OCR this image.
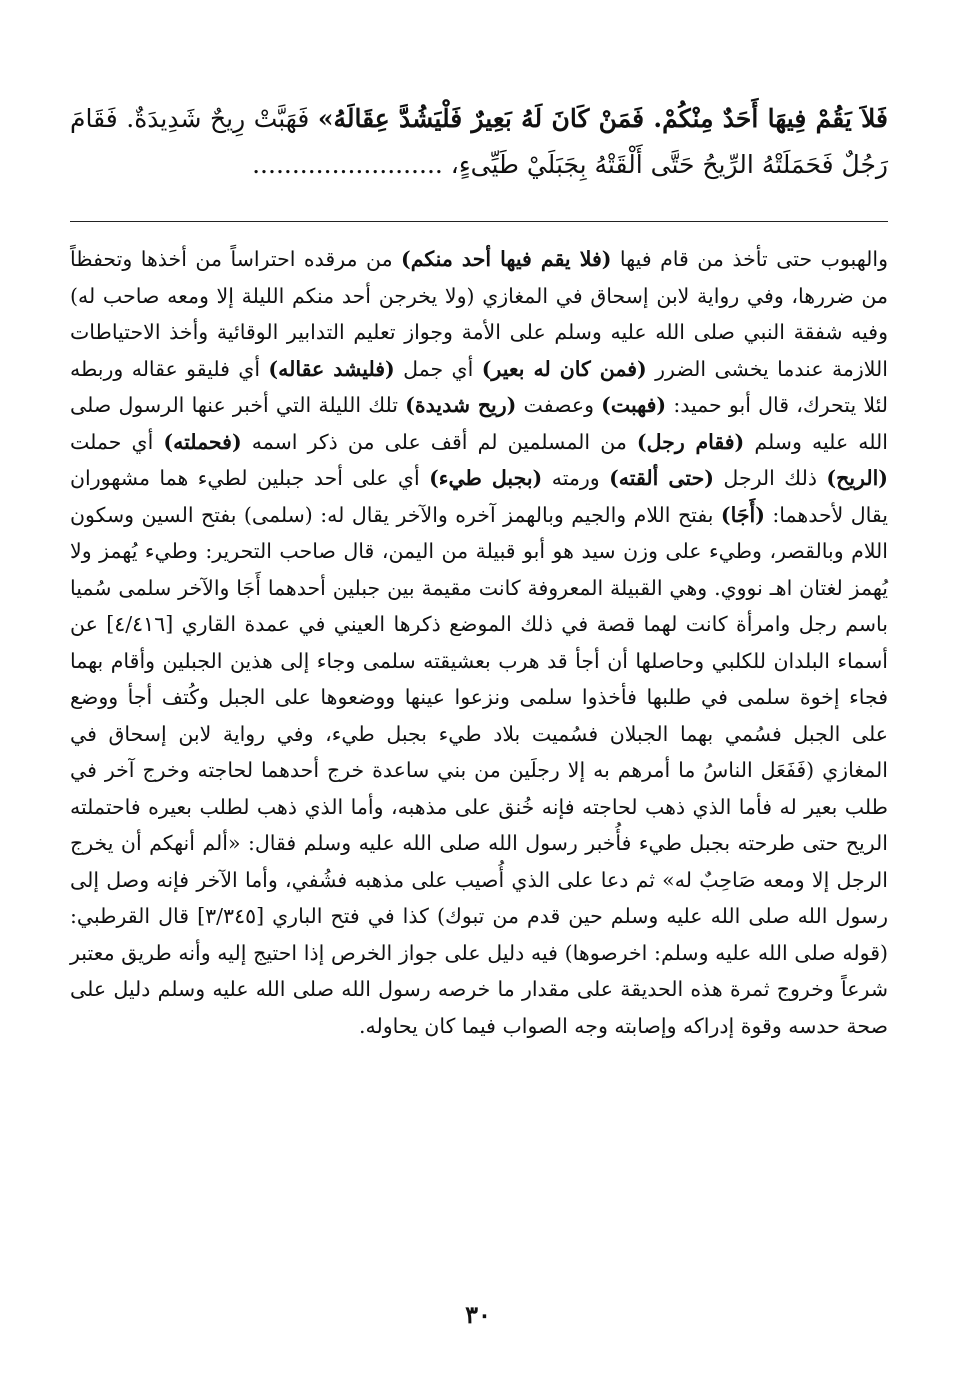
فَلاَ يَقُمْ فِيهَا أَحَدٌ مِنْكُمْ. فَمَنْ كَانَ لَهُ بَعِيرٌ فَلْيَشُدَّ عِقَالَهُ» فَهَبَّتْ رِيحٌ شَدِيدَةٌ. فَقَامَ رَجُلٌ فَحَمَلَتْهُ الرِّيحُ حَتَّى أَلْقَتْهُ بِجَبَلَيْ طَيِّىءٍ، ........................

والهبوب حتى تأخذ من قام فيها (فلا يقم فيها أحد منكم) من مرقده احتراساً من أخذها وتحفظاً من ضررها، وفي رواية لابن إسحاق في المغازي (ولا يخرجن أحد منكم الليلة إلا ومعه صاحب له) وفيه شفقة النبي صلى الله عليه وسلم على الأمة وجواز تعليم التدابير الوقائية وأخذ الاحتياطات اللازمة عندما يخشى الضرر (فمن كان له بعير) أي جمل (فليشد عقاله) أي فليقو عقاله وربطه لئلا يتحرك، قال أبو حميد: (فهبت) وعصفت (ريح شديدة) تلك الليلة التي أخبر عنها الرسول صلى الله عليه وسلم (فقام رجل) من المسلمين لم أقف على من ذكر اسمه (فحملته) أي حملت (الريح) ذلك الرجل (حتى ألقته) ورمته (بجبل طيء) أي على أحد جبلين لطيء هما مشهوران يقال لأحدهما: (أَجَا) بفتح اللام والجيم وبالهمز آخره والآخر يقال له: (سلمى) بفتح السين وسكون اللام وبالقصر، وطيء على وزن سيد هو أبو قبيلة من اليمن، قال صاحب التحرير: وطيء يُهمز ولا يُهمز لغتان اهـ نووي. وهي القبيلة المعروفة كانت مقيمة بين جبلين أحدهما أَجَا والآخر سلمى سُميا باسم رجل وامرأة كانت لهما قصة في ذلك الموضع ذكرها العيني في عمدة القاري [٤/٤١٦] عن أسماء البلدان للكلبي وحاصلها أن أجأ قد هرب بعشيقته سلمى وجاء إلى هذين الجبلين وأقام بهما فجاء إخوة سلمى في طلبها فأخذوا سلمى ونزعوا عينها ووضعوها على الجبل وكُتف أجأ ووضع على الجبل فسُمي بهما الجبلان فسُميت بلاد طيء بجبل طيء، وفي رواية لابن إسحاق في المغازي (فَفَعَل الناسُ ما أمرهم به إلا رجلَين من بني ساعدة خرج أحدهما لحاجته وخرج آخر في طلب بعير له فأما الذي ذهب لحاجته فإنه خُنق على مذهبه، وأما الذي ذهب لطلب بعيره فاحتملته الريح حتى طرحته بجبل طيء فأُخبر رسول الله صلى الله عليه وسلم فقال: «ألم أنهكم أن يخرج الرجل إلا ومعه صَاحِبٌ له» ثم دعا على الذي أُصيب على مذهبه فشُفي، وأما الآخر فإنه وصل إلى رسول الله صلى الله عليه وسلم حين قدم من تبوك) كذا في فتح الباري [٣/٣٤٥] قال القرطبي: (قوله صلى الله عليه وسلم: اخرصوها) فيه دليل على جواز الخرص إذا احتيج إليه وأنه طريق معتبر شرعاً وخروج ثمرة هذه الحديقة على مقدار ما خرصه رسول الله صلى الله عليه وسلم دليل على صحة حدسه وقوة إدراكه وإصابته وجه الصواب فيما كان يحاوله.

٣٠
